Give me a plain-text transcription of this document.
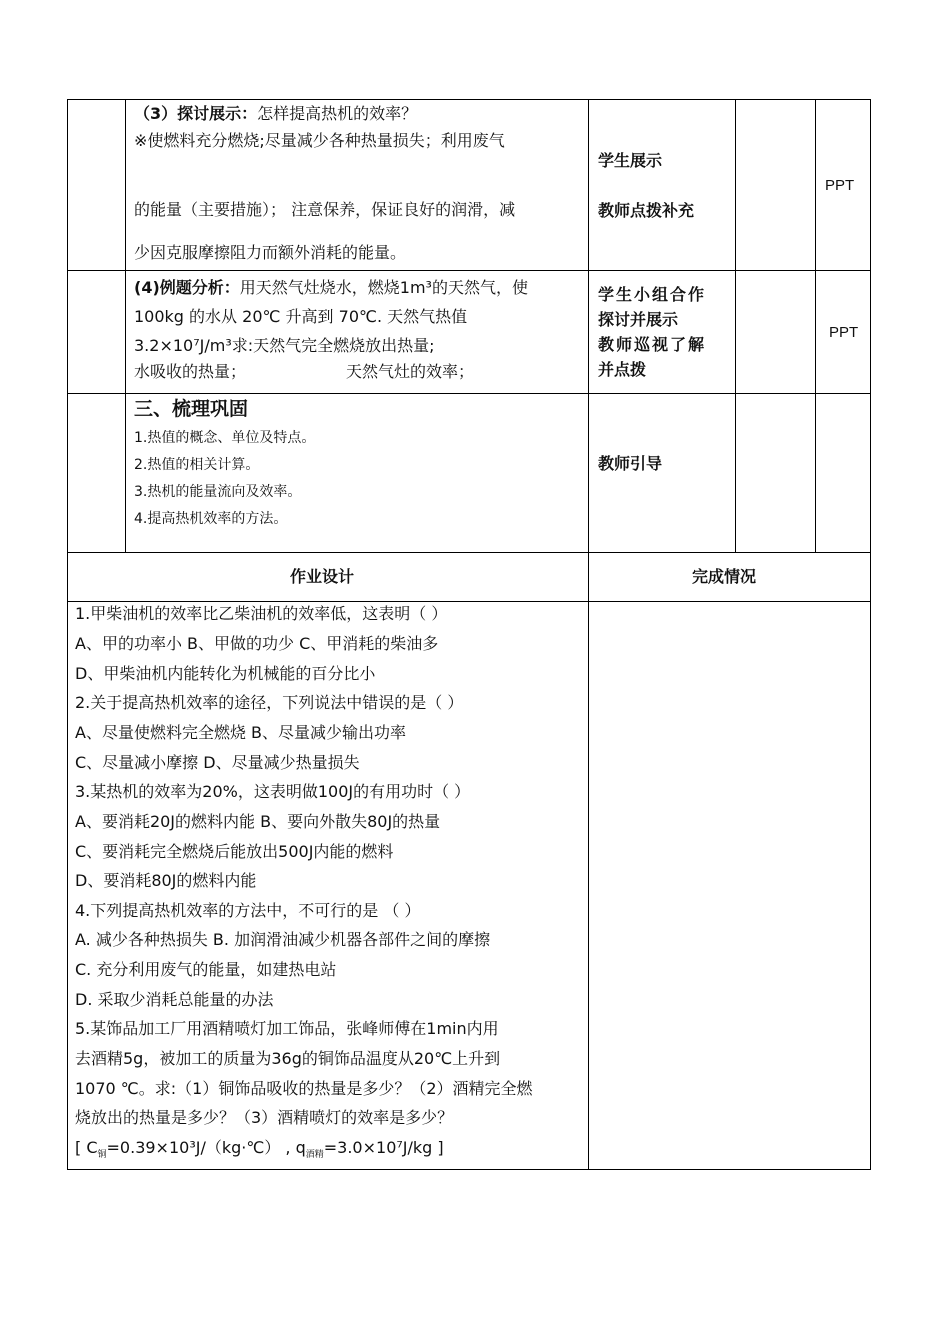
（3）探讨展示：怎样提高热机的效率？
※使燃料充分燃烧;尽量减少各种热量损失；利用废气
的能量（主要措施）； 注意保养，保证良好的润滑，减
少因克服摩擦阻力而额外消耗的能量。
学生展示
教师点拨补充
PPT
(4)例题分析：用天然气灶烧水，燃烧1m³的天然气，使
100kg 的水从 20℃ 升高到 70℃. 天然气热值
3.2×10⁷J/m³求:天然气完全燃烧放出热量;
水吸收的热量；	天然气灶的效率；
学生小组合作
探讨并展示
教师巡视了解
并点拨
PPT
三、梳理巩固
1.热值的概念、单位及特点。
2.热值的相关计算。
3.热机的能量流向及效率。
4.提高热机效率的方法。
教师引导
作业设计	完成情况
1.甲柴油机的效率比乙柴油机的效率低，这表明（ ）
A、甲的功率小 B、甲做的功少 C、甲消耗的柴油多
D、甲柴油机内能转化为机械能的百分比小
2.关于提高热机效率的途径，下列说法中错误的是（ ）
A、尽量使燃料完全燃烧 B、尽量减少输出功率
C、尽量减小摩擦 D、尽量减少热量损失
3.某热机的效率为20%，这表明做100J的有用功时（ ）
A、要消耗20J的燃料内能 B、要向外散失80J的热量
C、要消耗完全燃烧后能放出500J内能的燃料
D、要消耗80J的燃料内能
4.下列提高热机效率的方法中，不可行的是 （ ）
A. 减少各种热损失 B. 加润滑油减少机器各部件之间的摩擦
C. 充分利用废气的能量，如建热电站
D. 采取少消耗总能量的办法
5.某饰品加工厂用酒精喷灯加工饰品，张峰师傅在1min内用
去酒精5g，被加工的质量为36g的铜饰品温度从20℃上升到
1070 ℃。求:（1）铜饰品吸收的热量是多少？（2）酒精完全燃
烧放出的热量是多少？（3）酒精喷灯的效率是多少？
[ $C_铜=0.39\times 10^3J/(kg\cdot℃)$ , $q_{酒精}=3.0\times 10^7J/kg$ ]
